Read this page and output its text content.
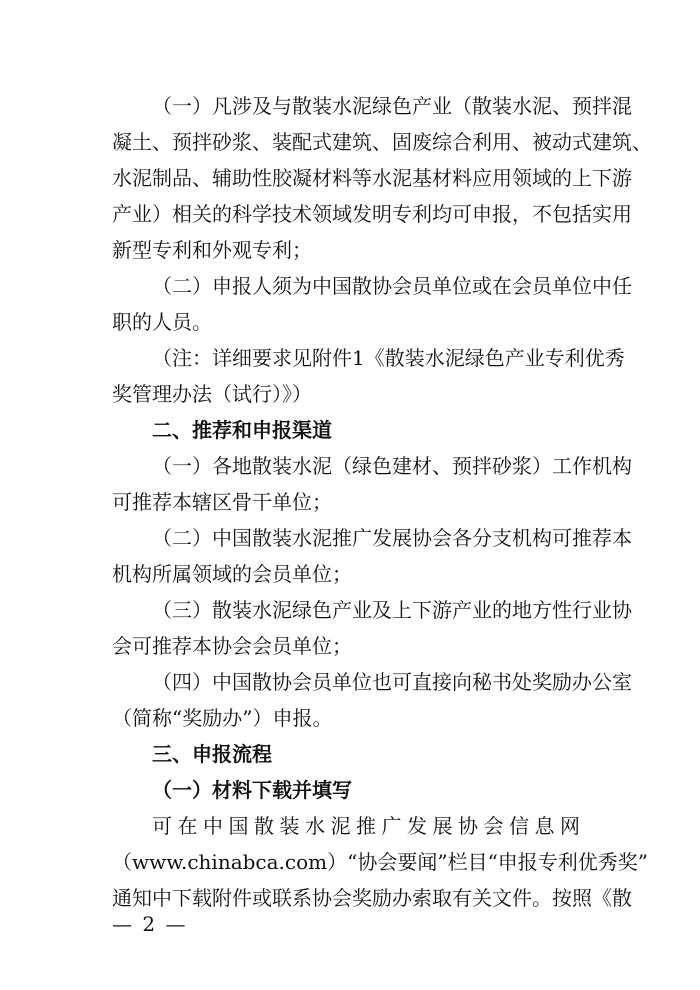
（一）凡涉及与散装水泥绿色产业（散装水泥、预拌混
凝土、预拌砂浆、装配式建筑、固废综合利用、被动式建筑、
水泥制品、辅助性胶凝材料等水泥基材料应用领域的上下游
产业）相关的科学技术领域发明专利均可申报，不包括实用
新型专利和外观专利；
（二）申报人须为中国散协会员单位或在会员单位中任
职的人员。
（注：详细要求见附件1《散装水泥绿色产业专利优秀
奖管理办法（试行）》）
二、推荐和申报渠道
（一）各地散装水泥（绿色建材、预拌砂浆）工作机构
可推荐本辖区骨干单位；
（二）中国散装水泥推广发展协会各分支机构可推荐本
机构所属领域的会员单位；
（三）散装水泥绿色产业及上下游产业的地方性行业协
会可推荐本协会会员单位；
（四）中国散协会员单位也可直接向秘书处奖励办公室
（简称“奖励办”）申报。
三、申报流程
（一）材料下载并填写
可在中国散装水泥推广发展协会信息网
（www.chinabca.com）“协会要闻”栏目“申报专利优秀奖”
通知中下载附件或联系协会奖励办索取有关文件。按照《散
— 2 —
